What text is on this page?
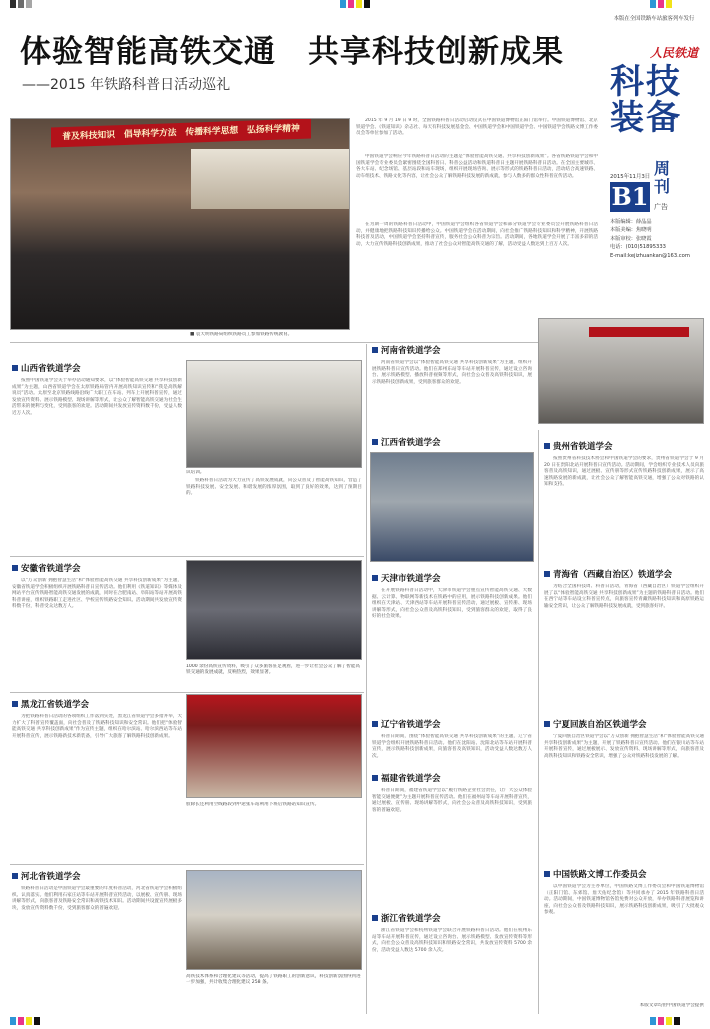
体验智能高铁交通　共享科技创新成果
——2015 年铁路科普日活动巡礼
本版在全国铁路车站旅客列车发行
人民铁道
科技装备
周刊
2015年11月3日
B1 广告
本版编辑：薛晶晶
本版美编：焦晓明
本版审校：张晓霞
电话：(010)51895333
E-mail:kejizhuankan@163.com
普及科技知识　倡导科学方法　传播科学思想　弘扬科学精神
■ 袁天明铁路局组织铁路员工参加铁路传统教育。

2015 年 9 月 19 日 9 时，全国铁路科普日活动启动仪式在中国铁道博物馆正阳门馆举行。中国铁道博物馆、北京铁道学会、《铁道知识》杂志社、每天有科技发展基金会、中国铁道学会和中国铁道学会、中国铁道学会铁路文博工作委员会等单位参加了活动。

中国铁道学会响应今年铁路科普日活动的主题是“体验智能高铁交通、共享科技创新成果”。各省铁路铁道学会和中国铁道学会专业委员会紧密围绕全国科普日、科普公益活动和铁道科普日主题开展铁路科普日活动。在全国主要城市、各大车站、纪念场馆、基层站段和站车现场，组织开展现场咨询、展示等形式的铁路科普日活动，活动结合高速铁路、动车组技术、铁路文化等内容，让社会公众了解铁路科技发展的新成就，参与人数多的群众性科普宣传活动。

在为期一周的铁路科普日活动中，中国铁道学会组织各省铁道学会和部分铁道学会专业委员会开展铁路科普日活动，并健康地把铁路科技知识传播给公众。中国铁道学会在活动期间，向社会推广铁路科技知识和科学精神，开展铁路科技普及活动，中国铁道学会坚持科普宣传，服务社会公众科普为宗旨。活动期间，各地铁道学会开展了丰富多彩的活动，大力宣传铁路科技创新成果，推动了社会公众对智能高铁交通的了解，活动受益人数达到上百万人次。

山西省铁道学会
按照中国铁道学会关于举办活动通知要求，以“体验智能高铁交通 共享科技创新成果”为主题，山西省铁道学会在太原铁路局管内开展高铁知识宣传和“我是高铁解说员”活动。太原至北京铁路线路沿线广大职工在车站、列车上开展科普宣传，通过发放宣传资料、展示铁路模型、现场讲解等形式，让公众了解智能高铁交通为社会生活带来的便利与变化，受到旅客的欢迎。活动期间共发放宣传资料数千份，受益人数近万人次。
识培训。
铁路科普日活动为大力宣传了高铁发展成就，向公众普及了智能高铁知识，营造了铁路科技发展、安全发展、和谐发展的浓厚氛围，取到了良好的效果，达到了预期目的。
安徽省铁道学会
以“万众创新 拥抱智慧生活”和“体验智能高铁交通 共享科技创新成果”为主题，安徽省铁道学会积极组织开展铁路科普日宣传活动。他们利用《铁道知识》等媒体及网站平台宣传铁路智能高铁交通发展的成就，同时在合肥南站、阜阳站等站开展高铁科普讲座，组织铁路职工走进社区、学校宣传铁路安全知识。活动期间共发放宣传资料数千份，科普受众达数万人。
1000 余份高铁宣传资料，吸引了众多旅客驻足观看，进一步让社会公众了解了智能高铁交通的发展成就，反响热烈，效果显著。
黑龙江省铁道学会
为把铁路科普日活动的各项组织工作落到实处，黑龙江省铁道学会多措并举，大力扩大了科普宣传覆盖面，向社会普及了铁路科技知识和安全常识。他们把“体验智能高铁交通 共享科技创新成果”作为宣传主题，组织在哈尔滨站、哈尔滨西站等车站开展科普宣传，展示铁路新技术新装备，引导广大旅客了解铁路科技创新成果。
股除长还利用空线路段到中途张车站利用下班后铁路站知识宣传。
河北省铁道学会
铁路科普日活动是中国铁道学会最重要的年度科普活动，河北省铁道学会积极组织、认真落实。他们利用石家庄站等车站开展科普宣传活动，以展板、宣传册、现场讲解等形式，向旅客普及铁路安全常识和高铁技术知识。活动期间共设置宣传展板多块，发放宣传资料数千份，受到旅客群众的普遍欢迎。
高铁技术体系和合理化建议等活动，提高了铁路职工的创新意识，科技创新氛围得到进一步加强，共计收集合理化建议 258 条。
河南省铁道学会
河南省铁道学会以“体验智能高铁交通 共享科技创新成果”为主题，组织开展铁路科普日宣传活动。他们在郑州东站等车站开展科普宣传，通过设立咨询台、展示铁路模型、播放科普视频等形式，向社会公众普及高铁科技知识，展示铁路科技创新成果，受到旅客群众的欢迎。
江西省铁道学会
天津市铁道学会
在开展铁路科普日活动中，天津市铁道学会重点宣传智能高铁交通、大数据、云计算、物联网等新技术在铁路中的应用，展示铁路科技创新成果。他们组织在天津站、天津西站等车站开展科普宣传活动，通过展板、宣传册、现场讲解等形式，向社会公众普及高铁科技知识，受到旅客群众的欢迎，取得了良好的社会效果。
辽宁省铁道学会
科普日期间，围绕“体验智能高铁交通 共享科技创新成果”的主题，辽宁省铁道学会组织开展铁路科普日活动。他们在沈阳站、沈阳北站等车站开展科普宣传，展示铁路科技创新成果，向旅客普及高铁知识，活动受益人数达数万人次。
福建省铁道学会
科普日期间，福建省铁道学会以“履行铁路企业社会责任，让广大公众体验智能交通便捷”为主题开展科普宣传活动。他们在福州站等车站开展科普宣传，通过展板、宣传册、现场讲解等形式，向社会公众普及高铁科技知识，受到旅客的普遍欢迎。
浙江省铁道学会
浙江省铁道学会和杭州铁道学会联合开展铁路科普日活动。他们在杭州东站等车站开展科普宣传，通过设立咨询台、展示铁路模型、发放宣传资料等形式，向社会公众普及高铁科技知识和铁路安全常识，共发放宣传资料 5700 余份，活动受益人数达 5700 余人次。
贵州省铁道学会
按照贵州省科技技术协会和中国铁道学会的要求，贵州省铁道学会于 9 月 20 日在贵阳北站开展科普日宣传活动。活动期间，学会组织专业技术人员向旅客普及高铁知识，通过展板、宣传册等形式宣传铁路科技创新成果，展示了高速铁路发展的新成就，让社会公众了解智能高铁交通，增强了公众对铁路的认知和支持。
青海省（西藏自治区）铁道学会
为结合全国科技周、科普日活动，青海省（西藏自治区）铁道学会组织开展了以“体验智能高铁交通 共享科技创新成果”为主题的铁路科普日活动。他们在西宁站等车站设立科普宣传点，向旅客宣传青藏铁路科技知识和高原铁路运输安全常识，让公众了解铁路科技发展成就，受到旅客好评。
宁夏回族自治区铁道学会
宁夏回族自治区铁道学会以“万众创新 拥抱智慧生活”和“体验智能高铁交通 共享科技创新成果”为主题，开展了铁路科普日宣传活动。他们在银川站等车站开展科普宣传，通过展板展示、发放宣传资料、现场讲解等形式，向旅客普及高铁科技知识和铁路安全常识，增强了公众对铁路科技发展的了解。
中国铁路文博工作委员会
以中国铁道学会为主办单位，中国铁路文博工作委员会和中国铁道博物馆（正阳门馆、东郊馆、詹天佑纪念馆）等共同承办了 2015 年铁路科普日活动。活动期间，中国铁道博物馆各馆免费对公众开放，举办铁路科普展览和讲座，向社会公众普及铁路科技知识，展示铁路科技创新成果，吸引了大批观众参观。
本版文章均由中国铁道学会提供
